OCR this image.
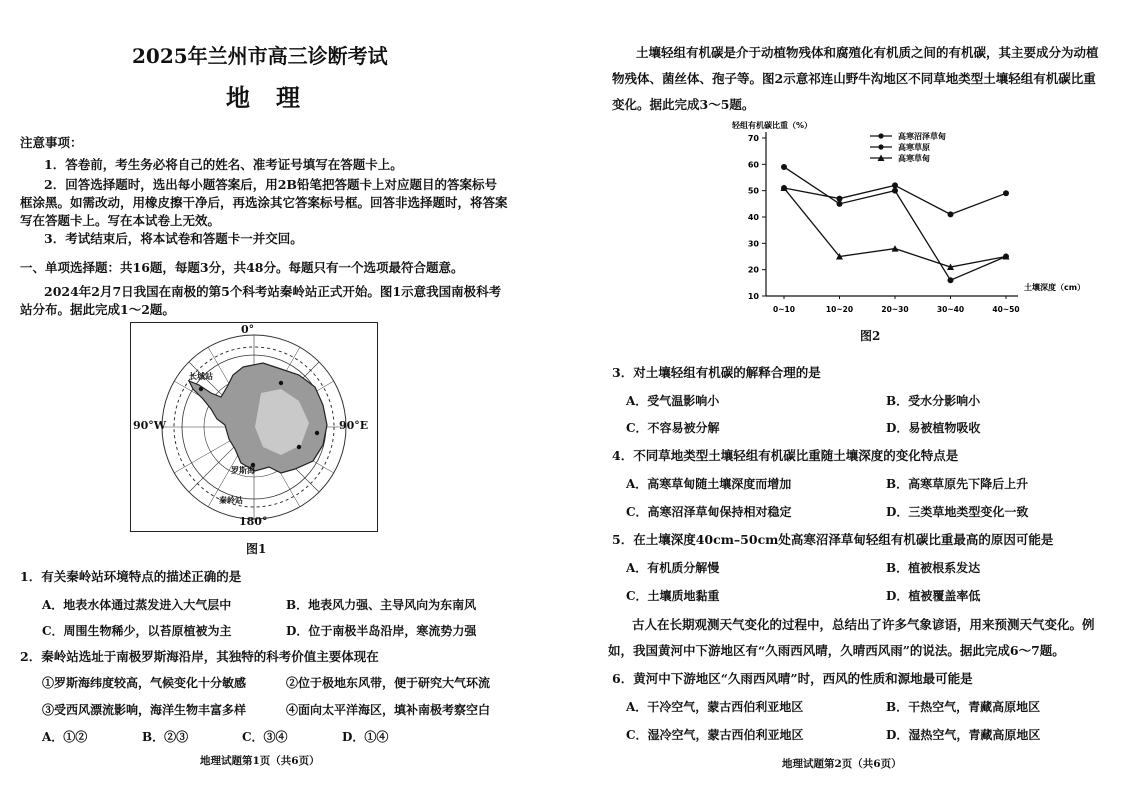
2025年兰州市高三诊断考试
地理
注意事项：
1．答卷前，考生务必将自己的姓名、准考证号填写在答题卡上。
2．回答选择题时，选出每小题答案后，用2B铅笔把答题卡上对应题目的答案标号框涂黑。如需改动，用橡皮擦干净后，再选涂其它答案标号框。回答非选择题时，将答案写在答题卡上。写在本试卷上无效。
3．考试结束后，将本试卷和答题卡一并交回。
一、单项选择题：共16题，每题3分，共48分。每题只有一个选项最符合题意。
2024年2月7日我国在南极的第5个科考站秦岭站正式开始。图1示意我国南极科考站分布。据此完成1～2题。
0°
180°
90°W	90°E
长城站
罗斯海
秦岭站
图1
1．有关秦岭站环境特点的描述正确的是
A．地表水体通过蒸发进入大气层中	B．地表风力强、主导风向为东南风
C．周围生物稀少，以苔原植被为主	D．位于南极半岛沿岸，寒流势力强
2．秦岭站选址于南极罗斯海沿岸，其独特的科考价值主要体现在
①罗斯海纬度较高，气候变化十分敏感	②位于极地东风带，便于研究大气环流
③受西风漂流影响，海洋生物丰富多样	④面向太平洋海区，填补南极考察空白
A．①②	B．②③	C．③④	D．①④
地理试题第1页（共6页）
土壤轻组有机碳是介于动植物残体和腐殖化有机质之间的有机碳，其主要成分为动植物残体、菌丝体、孢子等。图2示意祁连山野牛沟地区不同草地类型土壤轻组有机碳比重变化。据此完成3～5题。
10
20
30
40
50
60
70
0~10	10~20	20~30	30~40	40~50
轻组有机碳比重（%）
土壤深度（cm）
高寒沼泽草甸
高寒草原
高寒草甸
图2
3．对土壤轻组有机碳的解释合理的是
A．受气温影响小	B．受水分影响小
C．不容易被分解	D．易被植物吸收
4．不同草地类型土壤轻组有机碳比重随土壤深度的变化特点是
A．高寒草甸随土壤深度而增加	B．高寒草原先下降后上升
C．高寒沼泽草甸保持相对稳定	D．三类草地类型变化一致
5．在土壤深度40cm–50cm处高寒沼泽草甸轻组有机碳比重最高的原因可能是
A．有机质分解慢	B．植被根系发达
C．土壤质地黏重	D．植被覆盖率低
古人在长期观测天气变化的过程中，总结出了许多气象谚语，用来预测天气变化。例如，我国黄河中下游地区有“久雨西风晴，久晴西风雨”的说法。据此完成6～7题。
6．黄河中下游地区“久雨西风晴”时，西风的性质和源地最可能是
A．干冷空气，蒙古西伯利亚地区	B．干热空气，青藏高原地区
C．湿冷空气，蒙古西伯利亚地区	D．湿热空气，青藏高原地区
地理试题第2页（共6页）
